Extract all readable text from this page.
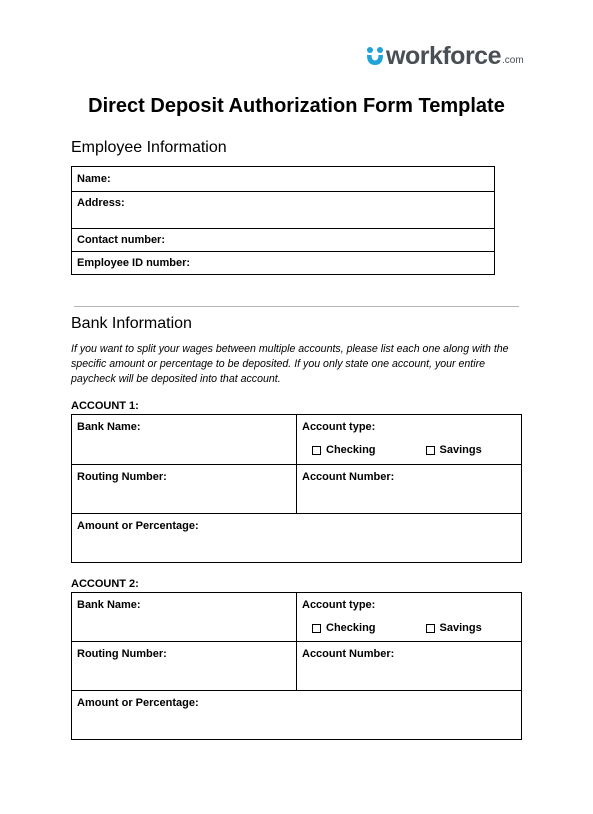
workforce .com
Direct Deposit Authorization Form Template
Employee Information
Name:

Address:

Contact number:

Employee ID number:
Bank Information
If you want to split your wages between multiple accounts, please list each one along with the specific amount or percentage to be deposited. If you only state one account, your entire paycheck will be deposited into that account.
ACCOUNT 1:
Bank Name:	Account type:
Checking	Savings
Routing Number:	Account Number:
Amount or Percentage:
ACCOUNT 2:
Bank Name:	Account type:
Checking	Savings
Routing Number:	Account Number:
Amount or Percentage:
